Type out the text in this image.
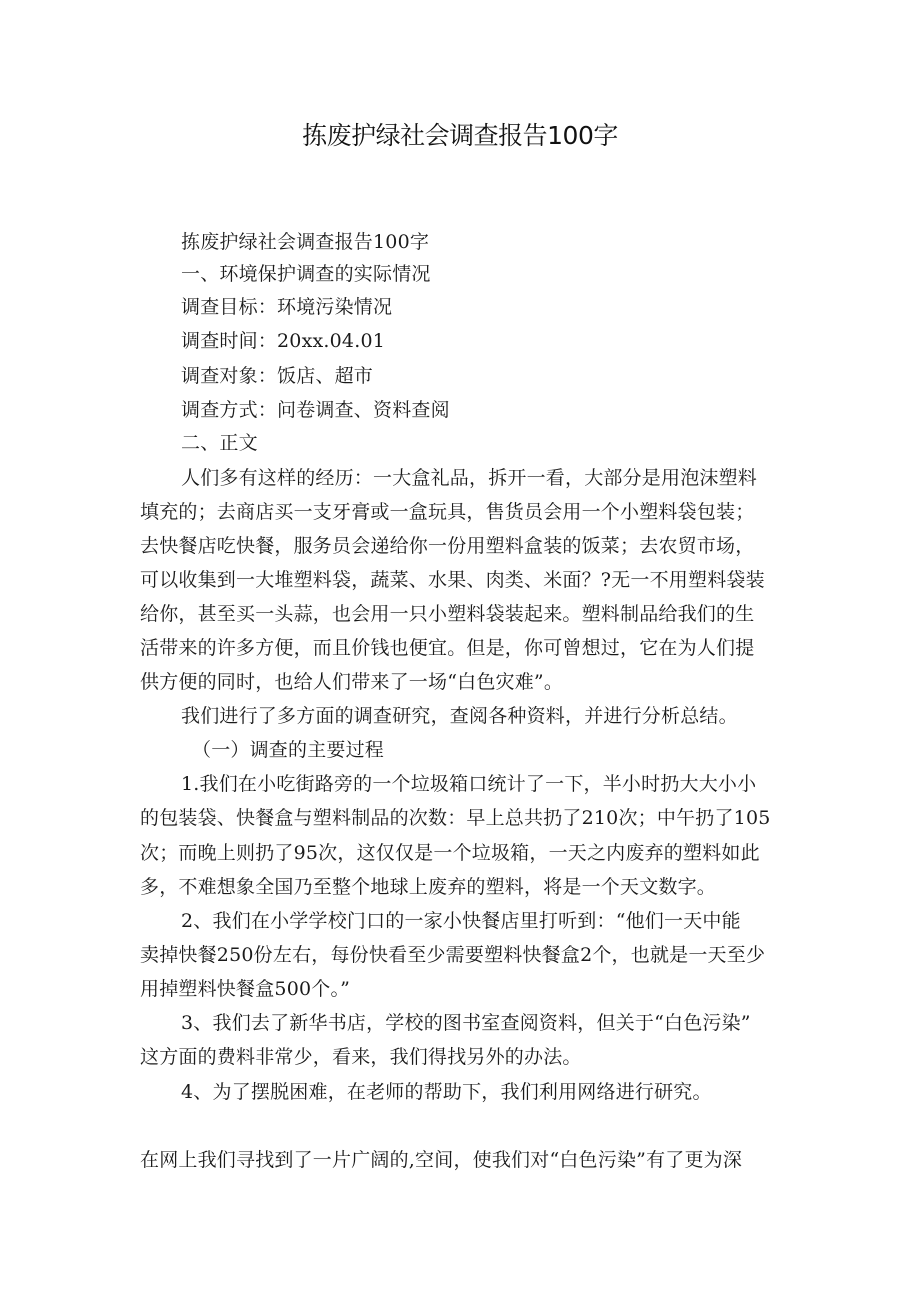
拣废护绿社会调查报告100字
拣废护绿社会调查报告100字
一、环境保护调查的实际情况
调查目标：环境污染情况
调查时间：20xx.04.01
调查对象：饭店、超市
调查方式：问卷调查、资料查阅
二、正文
人们多有这样的经历：一大盒礼品，拆开一看，大部分是用泡沫塑料
填充的；去商店买一支牙膏或一盒玩具，售货员会用一个小塑料袋包装；
去快餐店吃快餐，服务员会递给你一份用塑料盒装的饭菜；去农贸市场，
可以收集到一大堆塑料袋，蔬菜、水果、肉类、米面？?无一不用塑料袋装
给你，甚至买一头蒜，也会用一只小塑料袋装起来。塑料制品给我们的生
活带来的许多方便，而且价钱也便宜。但是，你可曾想过，它在为人们提
供方便的同时，也给人们带来了一场“白色灾难”。
我们进行了多方面的调查研究，查阅各种资料，并进行分析总结。
（一）调查的主要过程
1.我们在小吃街路旁的一个垃圾箱口统计了一下，半小时扔大大小小
的包装袋、快餐盒与塑料制品的次数：早上总共扔了210次；中午扔了105
次；而晚上则扔了95次，这仅仅是一个垃圾箱，一天之内废弃的塑料如此
多，不难想象全国乃至整个地球上废弃的塑料，将是一个天文数字。
2、我们在小学学校门口的一家小快餐店里打听到：“他们一天中能
卖掉快餐250份左右，每份快看至少需要塑料快餐盒2个，也就是一天至少
用掉塑料快餐盒500个。”
3、我们去了新华书店，学校的图书室查阅资料，但关于“白色污染”
这方面的费料非常少，看来，我们得找另外的办法。
4、为了摆脱困难，在老师的帮助下，我们利用网络进行研究。
在网上我们寻找到了一片广阔的,空间，使我们对“白色污染”有了更为深
